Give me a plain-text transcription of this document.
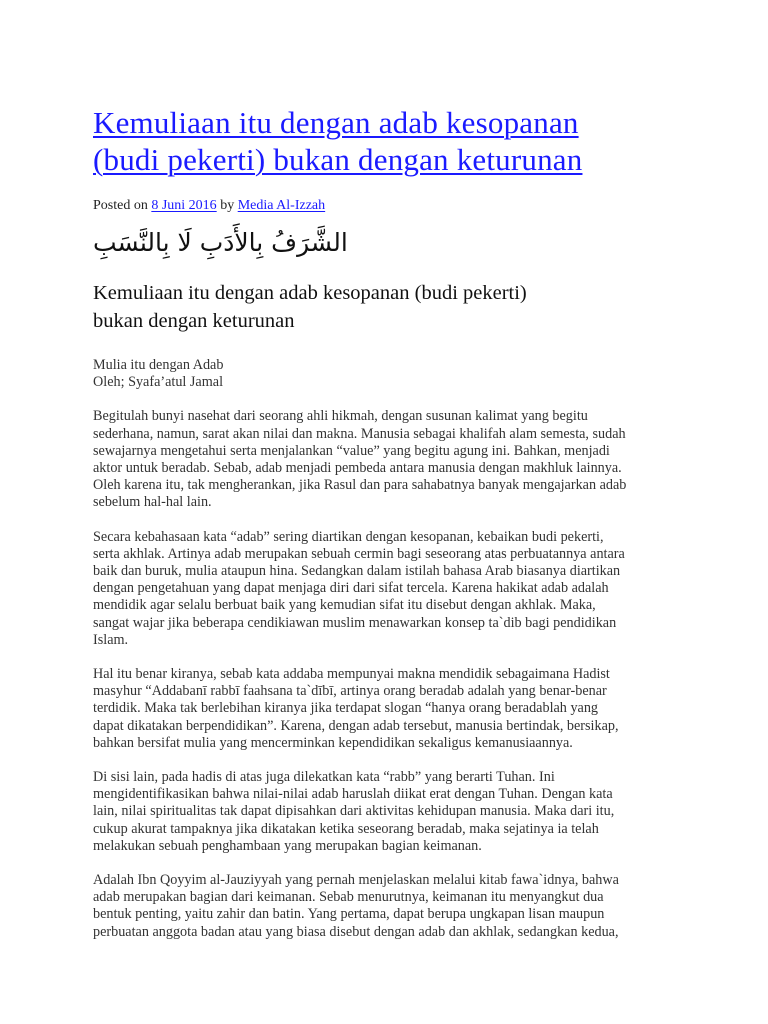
Kemuliaan itu dengan adab kesopanan
(budi pekerti) bukan dengan keturunan
Posted on 8 Juni 2016 by Media Al-Izzah
الشَّرَفُ بِالأَدَبِ لَا بِالنَّسَبِ
Kemuliaan itu dengan adab kesopanan (budi pekerti)
bukan dengan keturunan

Mulia itu dengan Adab
Oleh; Syafa’atul Jamal

Begitulah bunyi nasehat dari seorang ahli hikmah, dengan susunan kalimat yang begitu
sederhana, namun, sarat akan nilai dan makna. Manusia sebagai khalifah alam semesta, sudah
sewajarnya mengetahui serta menjalankan “value” yang begitu agung ini. Bahkan, menjadi
aktor untuk beradab. Sebab, adab menjadi pembeda antara manusia dengan makhluk lainnya.
Oleh karena itu, tak mengherankan, jika Rasul dan para sahabatnya banyak mengajarkan adab
sebelum hal-hal lain.

Secara kebahasaan kata “adab” sering diartikan dengan kesopanan, kebaikan budi pekerti,
serta akhlak. Artinya adab merupakan sebuah cermin bagi seseorang atas perbuatannya antara
baik dan buruk, mulia ataupun hina. Sedangkan dalam istilah bahasa Arab biasanya diartikan
dengan pengetahuan yang dapat menjaga diri dari sifat tercela. Karena hakikat adab adalah
mendidik agar selalu berbuat baik yang kemudian sifat itu disebut dengan akhlak. Maka,
sangat wajar jika beberapa cendikiawan muslim menawarkan konsep ta`dib bagi pendidikan
Islam.

Hal itu benar kiranya, sebab kata addaba mempunyai makna mendidik sebagaimana Hadist
masyhur “Addabanī rabbī faahsana ta`dībī, artinya orang beradab adalah yang benar-benar
terdidik. Maka tak berlebihan kiranya jika terdapat slogan “hanya orang beradablah yang
dapat dikatakan berpendidikan”. Karena, dengan adab tersebut, manusia bertindak, bersikap,
bahkan bersifat mulia yang mencerminkan kependidikan sekaligus kemanusiaannya.

Di sisi lain, pada hadis di atas juga dilekatkan kata “rabb” yang berarti Tuhan. Ini
mengidentifikasikan bahwa nilai-nilai adab haruslah diikat erat dengan Tuhan. Dengan kata
lain, nilai spiritualitas tak dapat dipisahkan dari aktivitas kehidupan manusia. Maka dari itu,
cukup akurat tampaknya jika dikatakan ketika seseorang beradab, maka sejatinya ia telah
melakukan sebuah penghambaan yang merupakan bagian keimanan.

Adalah Ibn Qoyyim al-Jauziyyah yang pernah menjelaskan melalui kitab fawa`idnya, bahwa
adab merupakan bagian dari keimanan. Sebab menurutnya, keimanan itu menyangkut dua
bentuk penting, yaitu zahir dan batin. Yang pertama, dapat berupa ungkapan lisan maupun
perbuatan anggota badan atau yang biasa disebut dengan adab dan akhlak, sedangkan kedua,
